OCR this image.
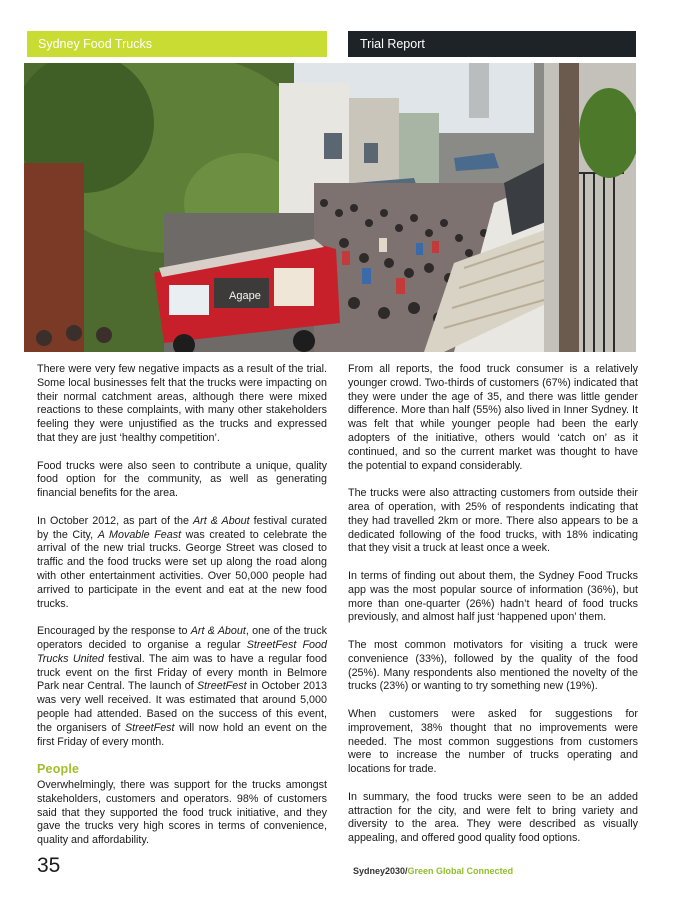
Sydney Food Trucks	Trial Report
Agape

There were very few negative impacts as a result of the trial. Some local businesses felt that the trucks were impacting on their normal catchment areas, although there were mixed reactions to these complaints, with many other stakeholders feeling they were unjustified as the trucks and expressed that they are just ‘healthy competition’.

Food trucks were also seen to contribute a unique, quality food option for the community, as well as generating financial benefits for the area.

In October 2012, as part of the Art & About festival curated by the City, A Movable Feast was created to celebrate the arrival of the new trial trucks. George Street was closed to traffic and the food trucks were set up along the road along with other entertainment activities. Over 50,000 people had arrived to participate in the event and eat at the new food trucks.

Encouraged by the response to Art & About, one of the truck operators decided to organise a regular StreetFest Food Trucks United festival. The aim was to have a regular food truck event on the first Friday of every month in Belmore Park near Central. The launch of StreetFest in October 2013 was very well received. It was estimated that around 5,000 people had attended. Based on the success of this event, the organisers of StreetFest will now hold an event on the first Friday of every month.

People

Overwhelmingly, there was support for the trucks amongst stakeholders, customers and operators. 98% of customers said that they supported the food truck initiative, and they gave the trucks very high scores in terms of convenience, quality and affordability.

From all reports, the food truck consumer is a relatively younger crowd. Two-thirds of customers (67%) indicated that they were under the age of 35, and there was little gender difference. More than half (55%) also lived in Inner Sydney. It was felt that while younger people had been the early adopters of the initiative, others would ‘catch on’ as it continued, and so the current market was thought to have the potential to expand considerably.

The trucks were also attracting customers from outside their area of operation, with 25% of respondents indicating that they had travelled 2km or more. There also appears to be a dedicated following of the food trucks, with 18% indicating that they visit a truck at least once a week.

In terms of finding out about them, the Sydney Food Trucks app was the most popular source of information (36%), but more than one-quarter (26%) hadn’t heard of food trucks previously, and almost half just ‘happened upon’ them.

The most common motivators for visiting a truck were convenience (33%), followed by the quality of the food (25%). Many respondents also mentioned the novelty of the trucks (23%) or wanting to try something new (19%).

When customers were asked for suggestions for improvement, 38% thought that no improvements were needed. The most common suggestions from customers were to increase the number of trucks operating and locations for trade.

In summary, the food trucks were seen to be an added attraction for the city, and were felt to bring variety and diversity to the area. They were described as visually appealing, and offered good quality food options.

35	Sydney2030/Green Global Connected
